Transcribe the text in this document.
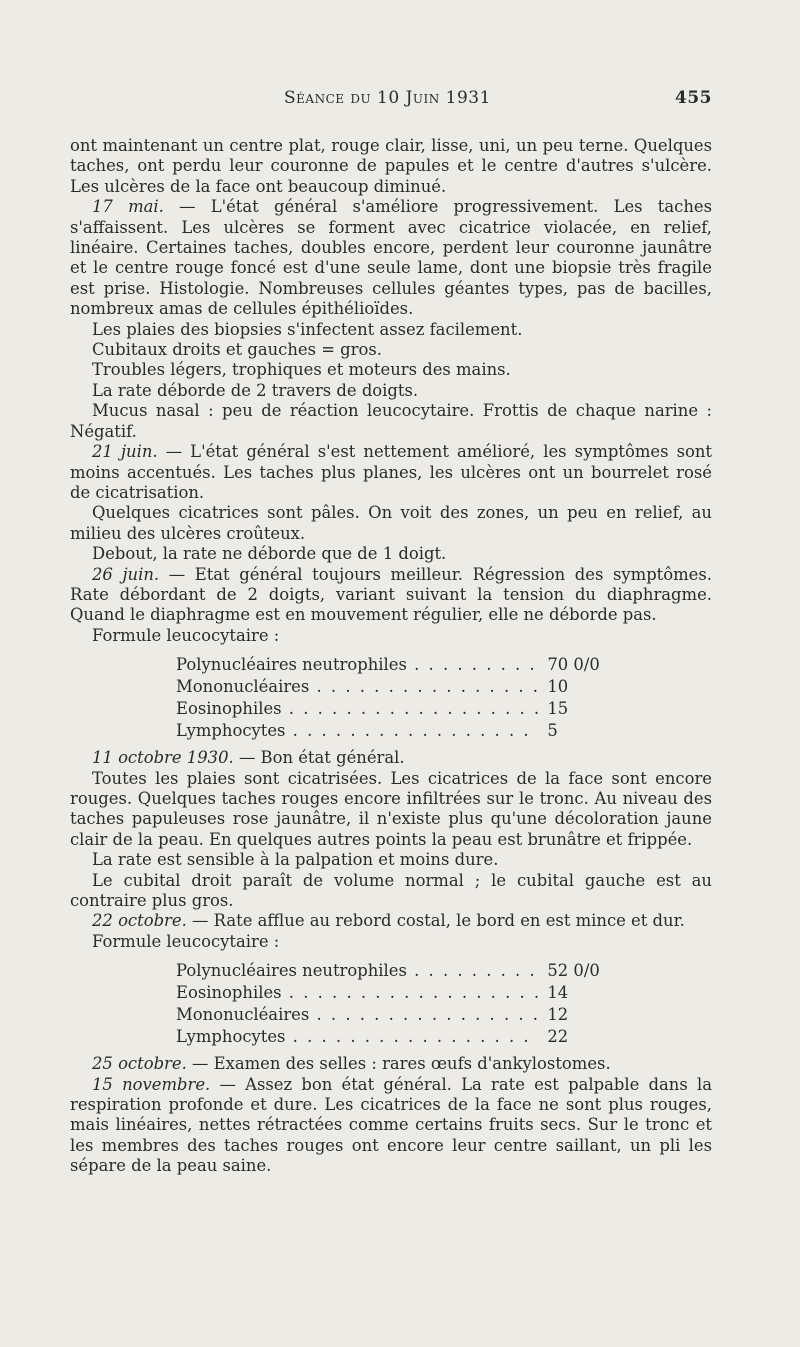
Séance du 10 Juin 1931	455

ont maintenant un centre plat, rouge clair, lisse, uni, un peu terne. Quelques taches, ont perdu leur couronne de papules et le centre d'autres s'ulcère. Les ulcères de la face ont beaucoup diminué.

17 mai. — L'état général s'améliore progressivement. Les taches s'affaissent. Les ulcères se forment avec cicatrice violacée, en relief, linéaire. Certaines taches, doubles encore, perdent leur couronne jaunâtre et le centre rouge foncé est d'une seule lame, dont une biopsie très fragile est prise. Histologie. Nombreuses cellules géantes types, pas de bacilles, nombreux amas de cellules épithélioïdes.

Les plaies des biopsies s'infectent assez facilement.

Cubitaux droits et gauches = gros.

Troubles légers, trophiques et moteurs des mains.

La rate déborde de 2 travers de doigts.

Mucus nasal : peu de réaction leucocytaire. Frottis de chaque narine : Négatif.

21 juin. — L'état général s'est nettement amélioré, les symptômes sont moins accentués. Les taches plus planes, les ulcères ont un bourrelet rosé de cicatrisation.

Quelques cicatrices sont pâles. On voit des zones, un peu en relief, au milieu des ulcères croûteux.

Debout, la rate ne déborde que de 1 doigt.

26 juin. — Etat général toujours meilleur. Régression des symptômes. Rate débordant de 2 doigts, variant suivant la tension du diaphragme. Quand le diaphragme est en mouvement régulier, elle ne déborde pas.

Formule leucocytaire :

Polynucléaires neutrophiles . . .	70 0/0
Mononucléaires . . .	10
Eosinophiles . . .	15
Lymphocytes . . .	5

11 octobre 1930. — Bon état général.

Toutes les plaies sont cicatrisées. Les cicatrices de la face sont encore rouges. Quelques taches rouges encore infiltrées sur le tronc. Au niveau des taches papuleuses rose jaunâtre, il n'existe plus qu'une décoloration jaune clair de la peau. En quelques autres points la peau est brunâtre et frippée.

La rate est sensible à la palpation et moins dure.

Le cubital droit paraît de volume normal ; le cubital gauche est au contraire plus gros.

22 octobre. — Rate afflue au rebord costal, le bord en est mince et dur.

Formule leucocytaire :

Polynucléaires neutrophiles . . .	52 0/0
Eosinophiles . . .	14
Mononucléaires . . .	12
Lymphocytes . . .	22

25 octobre. — Examen des selles : rares œufs d'ankylostomes.

15 novembre. — Assez bon état général. La rate est palpable dans la respiration profonde et dure. Les cicatrices de la face ne sont plus rouges, mais linéaires, nettes rétractées comme certains fruits secs. Sur le tronc et les membres des taches rouges ont encore leur centre saillant, un pli les sépare de la peau saine.
